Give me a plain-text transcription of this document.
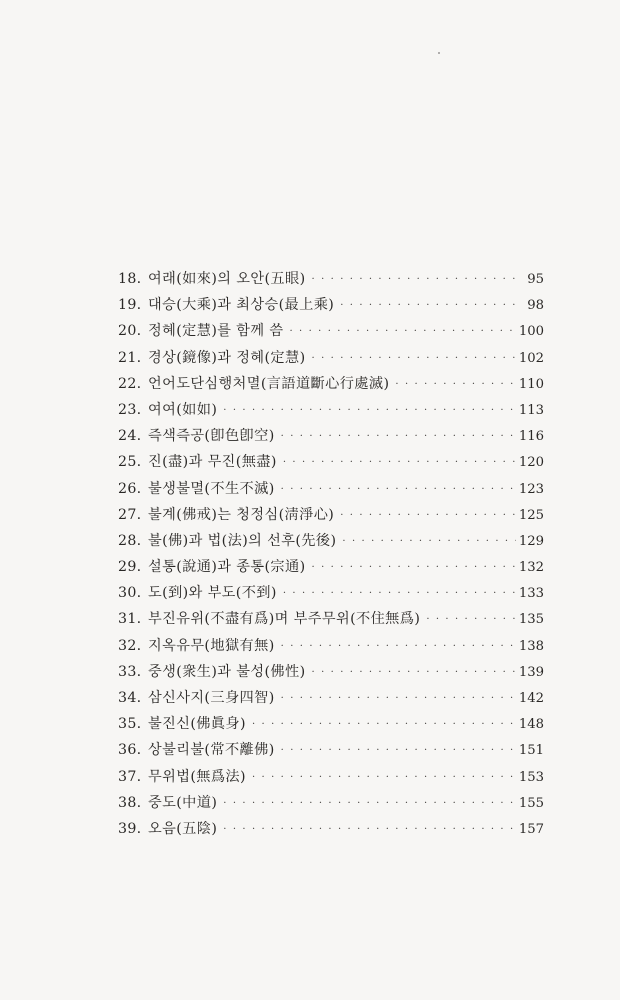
18. 여래(如來)의 오안(五眼) · · ·	95
19. 대승(大乘)과 최상승(最上乘) · · ·	98
20. 정혜(定慧)를 함께 씀 · · ·	100
21. 경상(鏡像)과 정혜(定慧) · · ·	102
22. 언어도단심행처멸(言語道斷心行處滅) · · ·	110
23. 여여(如如) · · ·	113
24. 즉색즉공(卽色卽空) · · ·	116
25. 진(盡)과 무진(無盡) · · ·	120
26. 불생불멸(不生不滅) · · ·	123
27. 불계(佛戒)는 청정심(淸淨心) · · ·	125
28. 불(佛)과 법(法)의 선후(先後) · · ·	129
29. 설통(說通)과 종통(宗通) · · ·	132
30. 도(到)와 부도(不到) · · ·	133
31. 부진유위(不盡有爲)며 부주무위(不住無爲) · · ·	135
32. 지옥유무(地獄有無) · · ·	138
33. 중생(衆生)과 불성(佛性) · · ·	139
34. 삼신사지(三身四智) · · ·	142
35. 불진신(佛眞身) · · ·	148
36. 상불리불(常不離佛) · · ·	151
37. 무위법(無爲法) · · ·	153
38. 중도(中道) · · ·	155
39. 오음(五陰) · · ·	157
